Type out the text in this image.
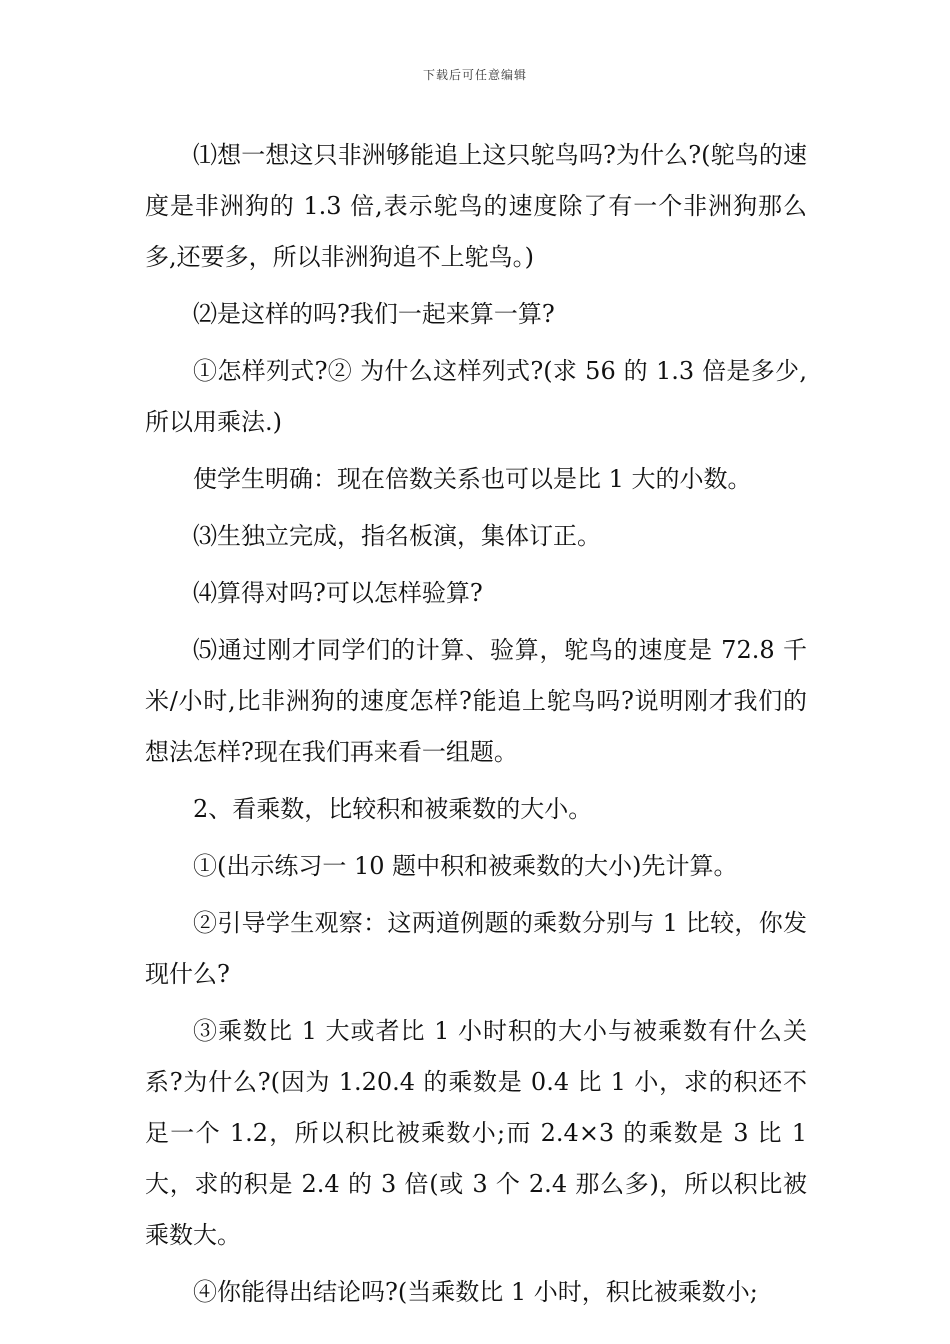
下载后可任意编辑

⑴想一想这只非洲够能追上这只鸵鸟吗?为什么?(鸵鸟的速度是非洲狗的 1.3 倍,表示鸵鸟的速度除了有一个非洲狗那么多,还要多，所以非洲狗追不上鸵鸟。)

⑵是这样的吗?我们一起来算一算?

①怎样列式?② 为什么这样列式?(求 56 的 1.3 倍是多少,所以用乘法.)

使学生明确：现在倍数关系也可以是比 1 大的小数。

⑶生独立完成，指名板演，集体订正。

⑷算得对吗?可以怎样验算?

⑸通过刚才同学们的计算、验算，鸵鸟的速度是 72.8 千米/小时,比非洲狗的速度怎样?能追上鸵鸟吗?说明刚才我们的想法怎样?现在我们再来看一组题。

2、看乘数，比较积和被乘数的大小。

①(出示练习一 10 题中积和被乘数的大小)先计算。

②引导学生观察：这两道例题的乘数分别与 1 比较，你发现什么?

③乘数比 1 大或者比 1 小时积的大小与被乘数有什么关系?为什么?(因为 1.20.4 的乘数是 0.4 比 1 小，求的积还不足一个 1.2，所以积比被乘数小;而 2.4×3 的乘数是 3 比 1 大，求的积是 2.4 的 3 倍(或 3 个 2.4 那么多)，所以积比被乘数大。

④你能得出结论吗?(当乘数比 1 小时，积比被乘数小;
